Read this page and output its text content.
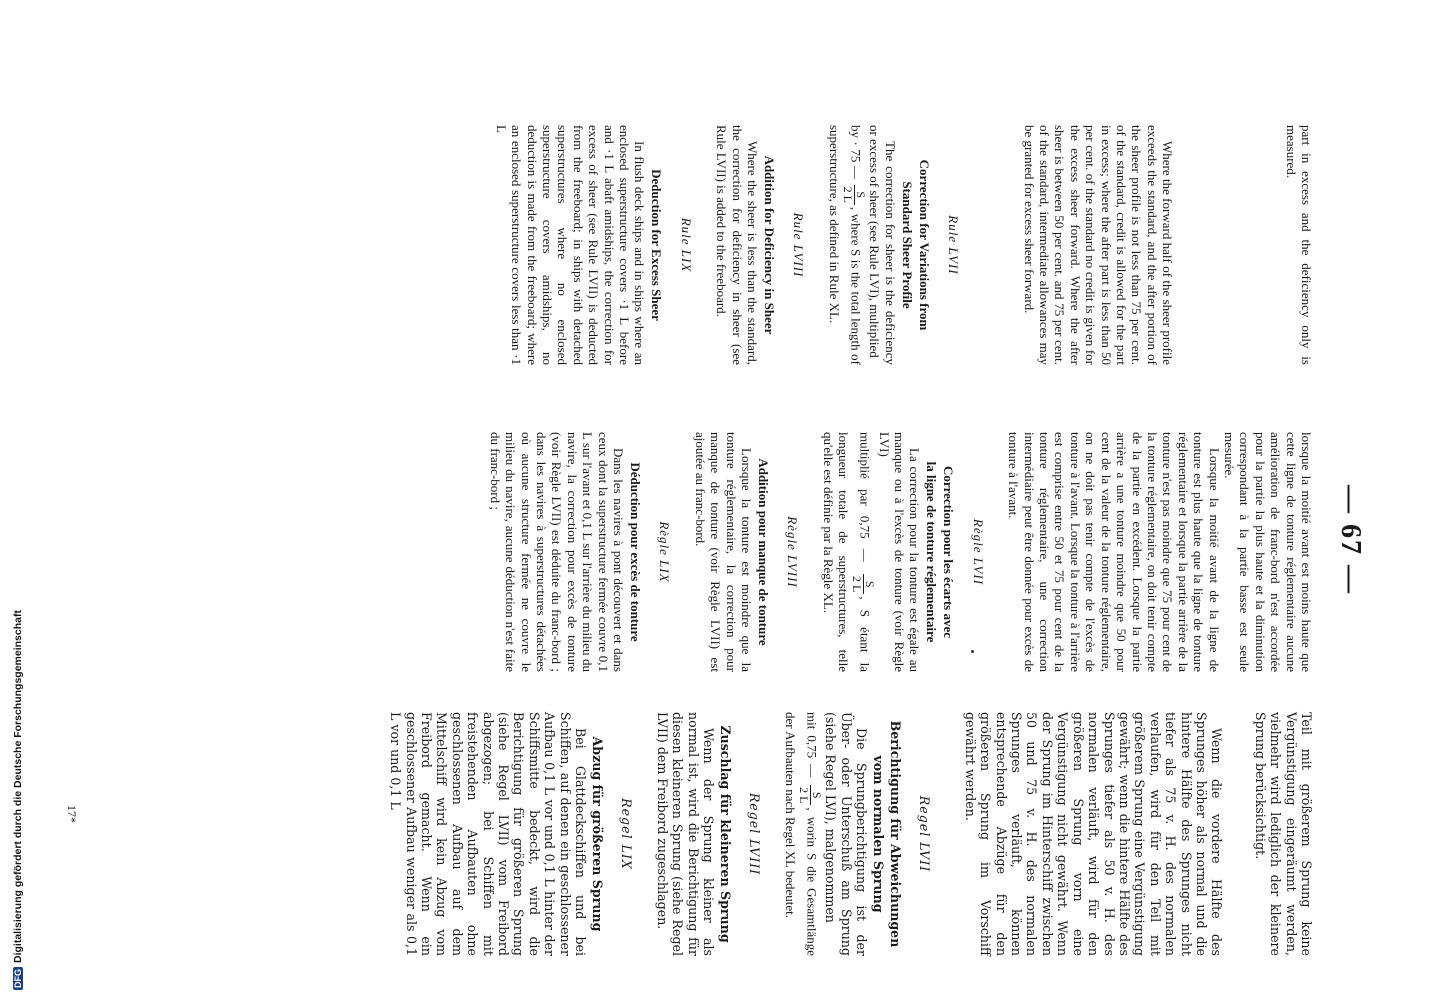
— 67 —

part in excess and the deficiency only is measured.

Where the forward half of the sheer profile exceeds the standard, and the after portion of the sheer profile is not less than 75 per cent. of the standard, credit is allowed for the part in excess; where the after part is less than 50 per cent. of the standard no credit is given for the excess sheer forward. Where the after sheer is between 50 per cent. and 75 per cent. of the standard, intermediate allowances may be granted for excess sheer forward.

Rule LVII
Correction for Variations from
Standard Sheer Profile

The correction for sheer is the deficiency or excess of sheer (see Rule LVI), multiplied

by · 75 —
S
2 L
, where S is the total length of superstructure, as defined in Rule XL.

Rule LVIII
Addition for Deficiency in Sheer

Where the sheer is less than the standard, the correction for deficiency in sheer (see Rule LVII) is added to the freeboard.

Rule LIX
Deduction for Excess Sheer

In flush deck ships and in ships where an enclosed superstructure covers ·1 L before and ·1 L abaft amidships, the correction for excess of sheer (see Rule LVII) is deducted from the freeboard; in ships with detached superstructures where no enclosed superstructure covers amidships, no deduction is made from the freeboard; where an enclosed superstructure covers less than ·1 L

lorsque la moitié avant est moins haute que cette ligne de tonture réglementaire aucune amélioration de franc-bord n'est accordée pour la partie la plus haute et la diminution correspondant à la partie basse est seule mesurée.

Lorsque la moitié avant de la ligne de tonture est plus haute que la ligne de tonture réglementaire et lorsque la partie arrière de la tonture n'est pas moindre que 75 pour cent de la tonture réglementaire, on doit tenir compte de la partie en excédent. Lorsque la partie arrière a une tonture moindre que 50 pour cent de la valeur de la tonture réglementaire, on ne doit pas tenir compte de l'excès de tonture à l'avant. Lorsque la tonture à l'arrière est comprise entre 50 et 75 pour cent de la tonture réglementaire, une correction intermédiaire peut être donnée pour excès de tonture à l'avant.

Règle LVII
Correction pour les écarts avec
la ligne de tonture réglementaire

La correction pour la tonture est égale au manque ou à l'excès de tonture (voir Règle LVI)

multiplié par 0,75 —
S
2 L
, S étant la longueur totale de superstructures, telle qu'elle est définie par la Règle XL.

Règle LVIII
Addition pour manque de tonture

Lorsque la tonture est moindre que la tonture réglementaire, la correction pour manque de tonture (voir Règle LVII) est ajoutée au franc-bord.

Règle LIX
Déduction pour excès de tonture

Dans les navires à pont découvert et dans ceux dont la superstructure fermée couvre 0,1 L sur l'avant et 0,1 L sur l'arrière du milieu du navire, la correction pour excès de tonture (voir Règle LVII) est déduite du franc-bord ; dans les navires à superstructures détachées où aucune structure fermée ne couvre le milieu du navire, aucune déduction n'est faite du franc-bord ;

Teil mit größerem Sprung keine Vergünstigung eingeräumt werden, vielmehr wird lediglich der kleinere Sprung berücksichtigt.

Wenn die vordere Hälfte des Sprunges höher als normal und die hintere Hälfte des Sprunges nicht tiefer als 75 v. H. des normalen verlaufen, wird für den Teil mit größerem Sprung eine Vergünstigung gewährt; wenn die hintere Hälfte des Sprunges tiefer als 50 v. H. des normalen verläuft, wird für den größeren Sprung vorn eine Vergünstigung nicht gewährt. Wenn der Sprung im Hinterschiff zwischen 50 und 75 v. H. des normalen Sprunges verläuft, können entsprechende Abzüge für den größeren Sprung im Vorschiff gewährt werden.

Regel LVII
Berichtigung für Abweichungen
vom normalen Sprung

Die Sprungberichtigung ist der Über- oder Unterschuß am Sprung (siehe Regel LVI), malgenommen

mit 0,75 —
S
2 L
, worin S die Gesamtlänge der Aufbauten nach Regel XL bedeutet.

Regel LVIII
Zuschlag für kleineren Sprung

Wenn der Sprung kleiner als normal ist, wird die Berichtigung für diesen kleineren Sprung (siehe Regel LVII) dem Freibord zugeschlagen.

Regel LIX
Abzug für größeren Sprung

Bei Glattdeckschiffen und bei Schiffen, auf denen ein geschlossener Aufbau 0,1 L vor und 0,1 L hinter der Schiffsmitte bedeckt, wird die Berichtigung für größeren Sprung (siehe Regel LVII) vom Freibord abgezogen; bei Schiffen mit freistehenden Aufbauten ohne geschlossenen Aufbau auf dem Mittelschiff wird kein Abzug vom Freibord gemacht. Wenn ein geschlossener Aufbau weniger als 0,1 L vor und 0,1 L

17*
DFGDigitalisierung gefördert durch die Deutsche Forschungsgemeinschaft
